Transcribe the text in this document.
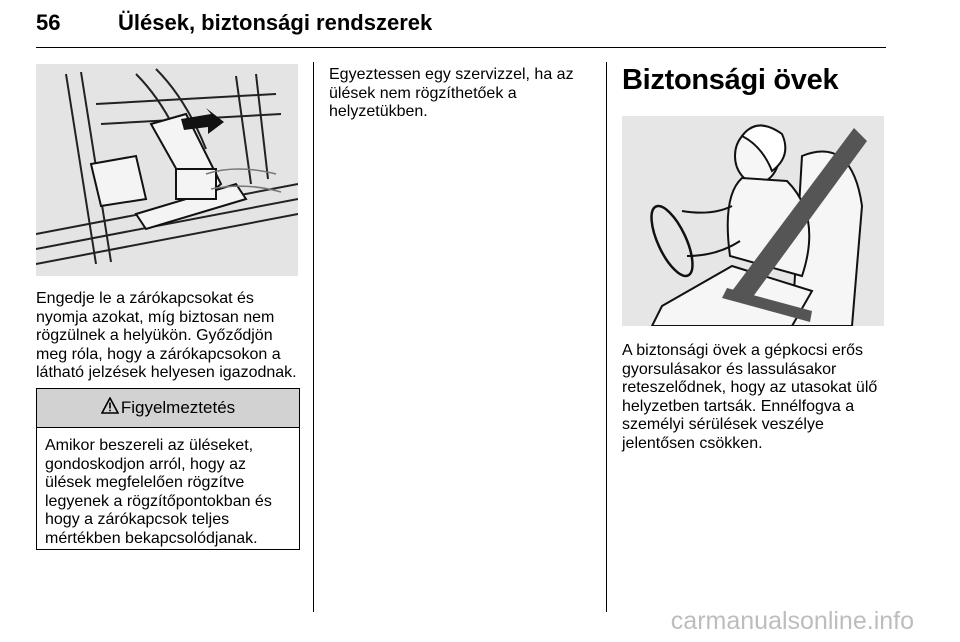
56	Ülések, biztonsági rendszerek
Engedje le a zárókapcsokat és
nyomja azokat, míg biztosan nem
rögzülnek a helyükön. Győződjön
meg róla, hogy a zárókapcsokon a
látható jelzések helyesen igazodnak.
Figyelmeztetés
Amikor beszereli az üléseket,
gondoskodjon arról, hogy az
ülések megfelelően rögzítve
legyenek a rögzítőpontokban és
hogy a zárókapcsok teljes
mértékben bekapcsolódjanak.
Egyeztessen egy szervizzel, ha az
ülések nem rögzíthetőek a
helyzetükben.
Biztonsági övek
A biztonsági övek a gépkocsi erős
gyorsulásakor és lassulásakor
reteszelődnek, hogy az utasokat ülő
helyzetben tartsák. Ennélfogva a
személyi sérülések veszélye
jelentősen csökken.
carmanualsonline.info
